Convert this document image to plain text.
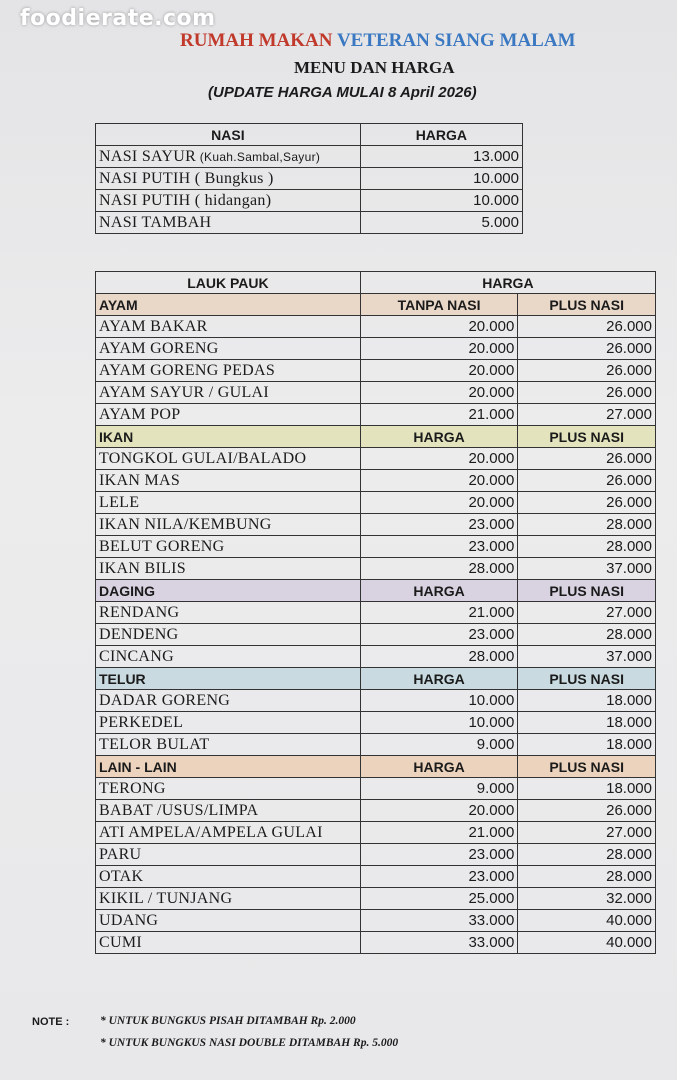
foodierate.com
RUMAH MAKAN VETERAN SIANG MALAM
MENU DAN HARGA
(UPDATE HARGA MULAI 8 April 2026)
NASI	HARGA
NASI SAYUR (Kuah.Sambal,Sayur)	13.000
NASI PUTIH ( Bungkus )	10.000
NASI PUTIH ( hidangan)	10.000
NASI TAMBAH	5.000
LAUK PAUK	HARGA	
AYAM	TANPA NASI	PLUS NASI
AYAM BAKAR	20.000	26.000
AYAM GORENG	20.000	26.000
AYAM GORENG PEDAS	20.000	26.000
AYAM SAYUR / GULAI	20.000	26.000
AYAM POP	21.000	27.000
IKAN	HARGA	PLUS NASI
TONGKOL GULAI/BALADO	20.000	26.000
IKAN MAS	20.000	26.000
LELE	20.000	26.000
IKAN NILA/KEMBUNG	23.000	28.000
BELUT GORENG	23.000	28.000
IKAN BILIS	28.000	37.000
DAGING	HARGA	PLUS NASI
RENDANG	21.000	27.000
DENDENG	23.000	28.000
CINCANG	28.000	37.000
TELUR	HARGA	PLUS NASI
DADAR GORENG	10.000	18.000
PERKEDEL	10.000	18.000
TELOR BULAT	9.000	18.000
LAIN - LAIN	HARGA	PLUS NASI
TERONG	9.000	18.000
BABAT /USUS/LIMPA	20.000	26.000
ATI AMPELA/AMPELA GULAI	21.000	27.000
PARU	23.000	28.000
OTAK	23.000	28.000
KIKIL / TUNJANG	25.000	32.000
UDANG	33.000	40.000
CUMI	33.000	40.000
NOTE :	* UNTUK BUNGKUS PISAH DITAMBAH Rp. 2.000
* UNTUK BUNGKUS NASI DOUBLE DITAMBAH Rp. 5.000
